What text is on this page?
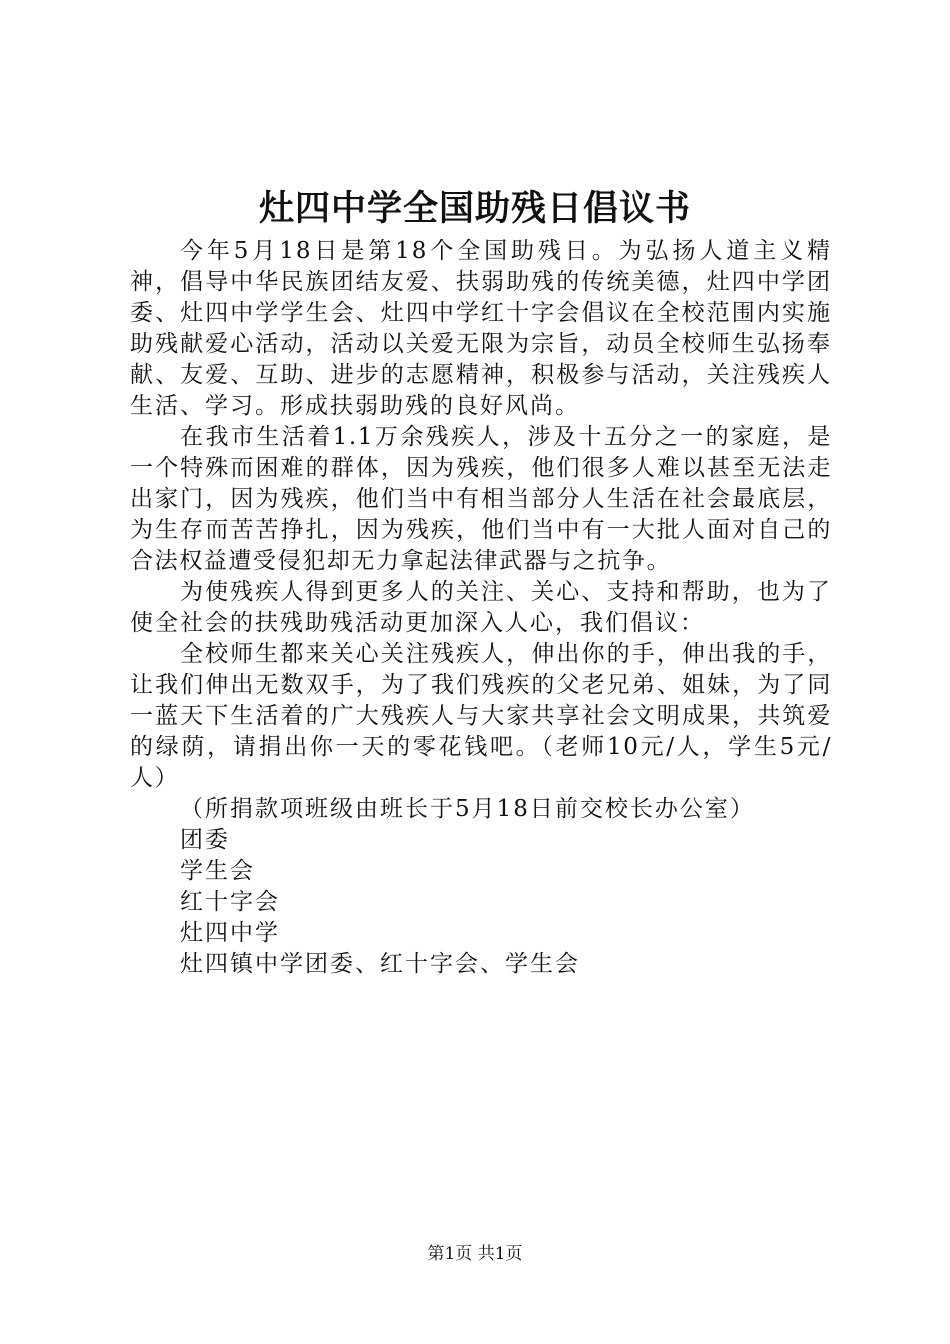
灶四中学全国助残日倡议书

今年5月18日是第18个全国助残日。为弘扬人道主义精神，倡导中华民族团结友爱、扶弱助残的传统美德，灶四中学团委、灶四中学学生会、灶四中学红十字会倡议在全校范围内实施助残献爱心活动，活动以关爱无限为宗旨，动员全校师生弘扬奉献、友爱、互助、进步的志愿精神，积极参与活动，关注残疾人生活、学习。形成扶弱助残的良好风尚。

在我市生活着1.1万余残疾人，涉及十五分之一的家庭，是一个特殊而困难的群体，因为残疾，他们很多人难以甚至无法走出家门，因为残疾，他们当中有相当部分人生活在社会最底层，为生存而苦苦挣扎，因为残疾，他们当中有一大批人面对自己的合法权益遭受侵犯却无力拿起法律武器与之抗争。

为使残疾人得到更多人的关注、关心、支持和帮助，也为了使全社会的扶残助残活动更加深入人心，我们倡议：

全校师生都来关心关注残疾人，伸出你的手，伸出我的手，让我们伸出无数双手，为了我们残疾的父老兄弟、姐妹，为了同一蓝天下生活着的广大残疾人与大家共享社会文明成果，共筑爱的绿荫，请捐出你一天的零花钱吧。（老师10元/人，学生5元/人）

（所捐款项班级由班长于5月18日前交校长办公室）
团委
学生会
红十字会
灶四中学
灶四镇中学团委、红十字会、学生会
第1页 共1页
